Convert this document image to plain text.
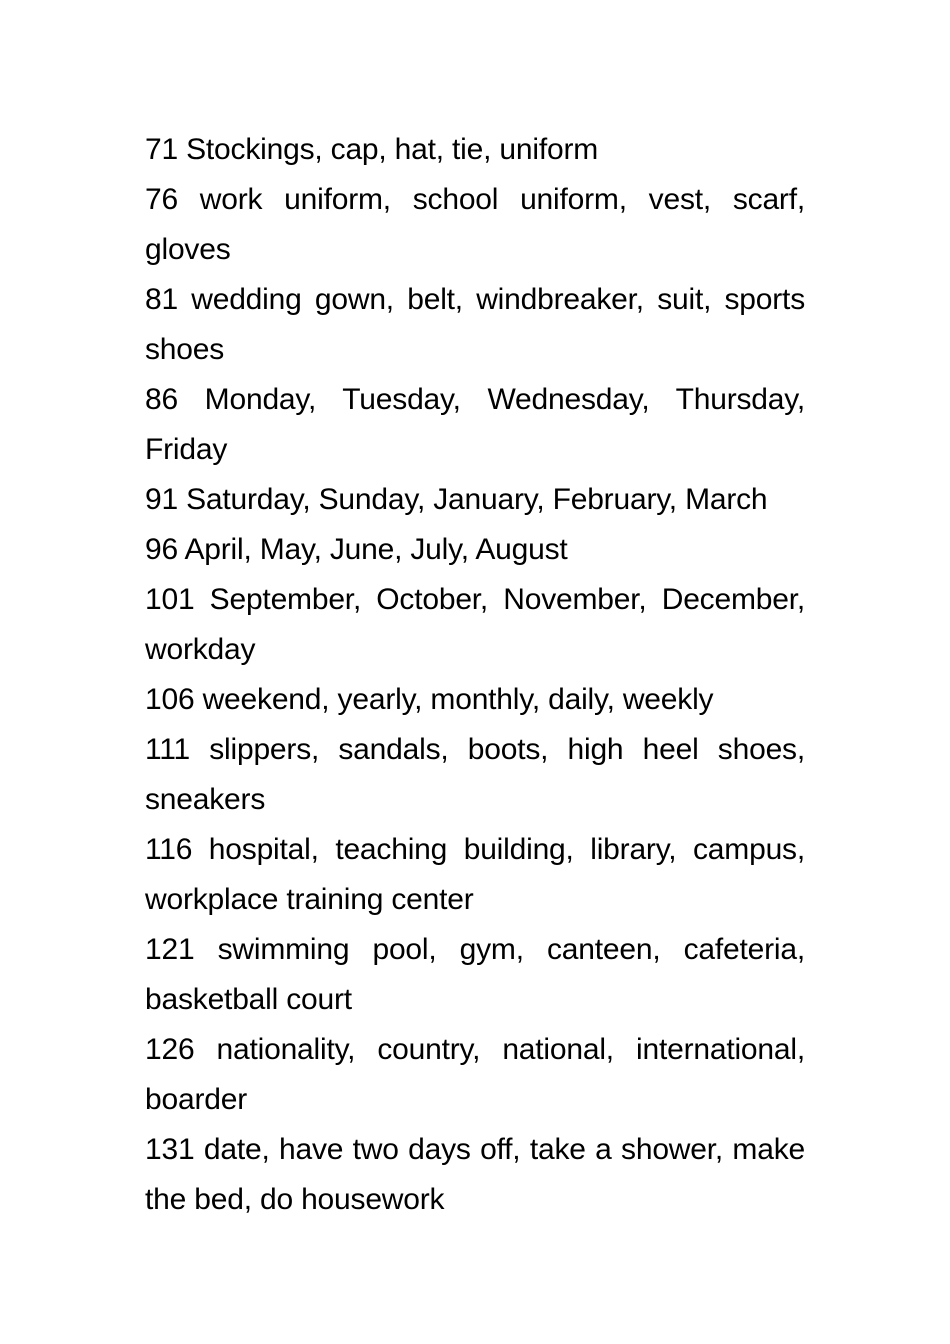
71 Stockings, cap, hat, tie, uniform

76 work uniform, school uniform, vest, scarf, gloves

81 wedding gown, belt, windbreaker, suit, sports shoes

86 Monday, Tuesday, Wednesday, Thursday, Friday

91 Saturday, Sunday, January, February, March

96 April, May, June, July, August

101 September, October, November, December, workday

106 weekend, yearly, monthly, daily, weekly

111 slippers, sandals, boots, high heel shoes, sneakers

116 hospital, teaching building, library, campus, workplace training center

121 swimming pool, gym, canteen, cafeteria, basketball court

126 nationality, country, national, international, boarder

131 date, have two days off, take a shower, make the bed, do housework
